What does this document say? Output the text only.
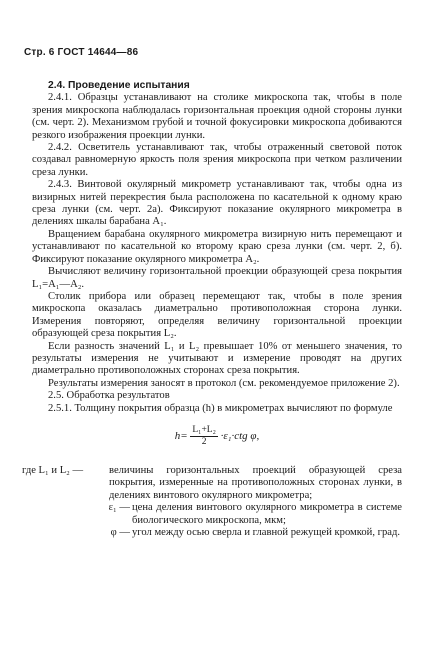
Стр. 6 ГОСТ 14644—86

2.4. Проведение испытания

2.4.1. Образцы устанавливают на столике микроскопа так, чтобы в поле зрения микроскопа наблюдалась горизонтальная проекция одной стороны лунки (см. черт. 2). Механизмом грубой и точной фокусировки микроскопа добиваются резкого изображения проекции лунки.

2.4.2. Осветитель устанавливают так, чтобы отраженный световой поток создавал равномерную яркость поля зрения микроскопа при четком различении среза лунки.

2.4.3. Винтовой окулярный микрометр устанавливают так, чтобы одна из визирных нитей перекрестия была расположена по касательной к одному краю среза лунки (см. черт. 2а). Фиксируют показание окулярного микрометра в делениях шкалы барабана A₁.

Вращением барабана окулярного микрометра визирную нить перемещают и устанавливают по касательной ко второму краю среза лунки (см. черт. 2, б). Фиксируют показание окулярного микрометра A₂.

Вычисляют величину горизонтальной проекции образующей среза покрытия L₁=A₁—A₂.

Столик прибора или образец перемещают так, чтобы в поле зрения микроскопа оказалась диаметрально противоположная сторона лунки. Измерения повторяют, определяя величину горизонтальной проекции образующей среза покрытия L₂.

Если разность значений L₁ и L₂ превышает 10% от меньшего значения, то результаты измерения не учитывают и измерение проводят на других диаметрально противоположных сторонах среза покрытия.

Результаты измерения заносят в протокол (см. рекомендуемое приложение 2).

2.5. Обработка результатов

2.5.1. Толщину покрытия образца (h) в микрометрах вычисляют по формуле

$h= \frac{\text{L₁+L₂}}{2} \cdot\varepsilon_1\cdot ctg$ φ,
где L₁ и L₂ —	величины горизонтальных проекций образующей среза покрытия, измеренные на противоположных сторонах лунки, в делениях винтового окулярного микрометра;
ε₁ — цена деления винтового окулярного микрометра в системе биологического микроскопа, мкм;
φ — угол между осью сверла и главной режущей кромкой, град.
